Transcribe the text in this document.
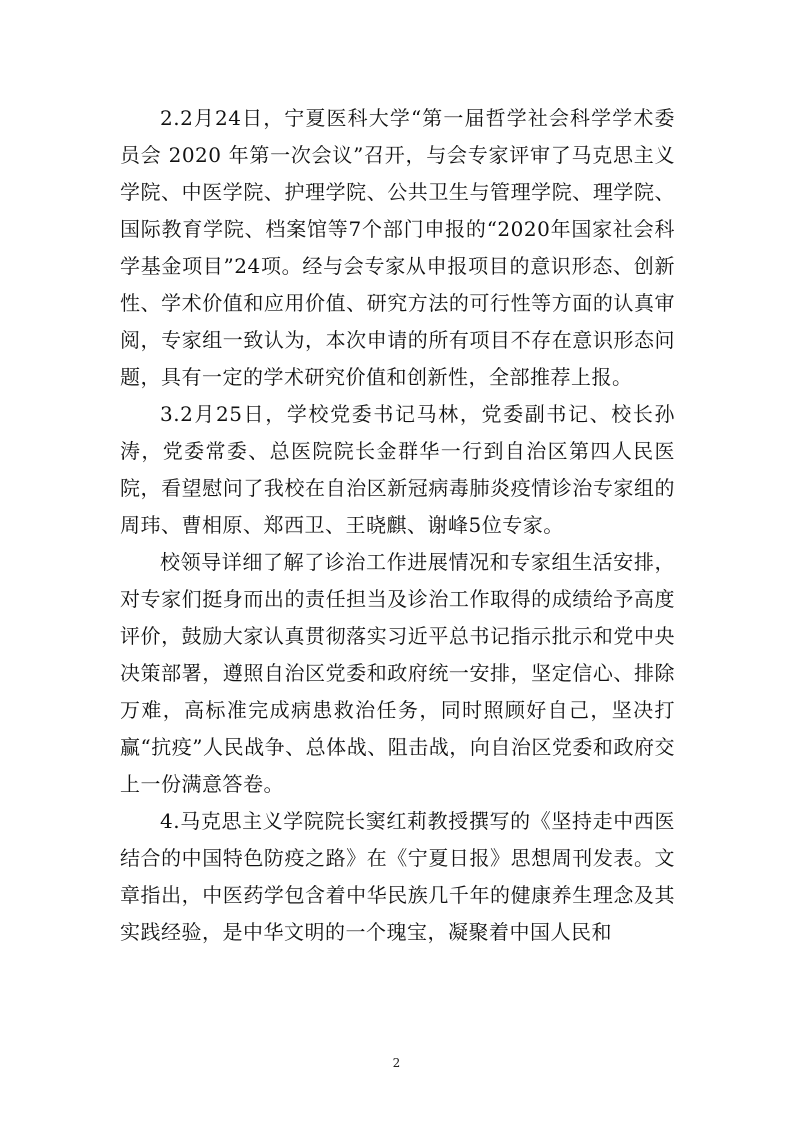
2.2月24日，宁夏医科大学“第一届哲学社会科学学术委员会 2020 年第一次会议”召开，与会专家评审了马克思主义学院、中医学院、护理学院、公共卫生与管理学院、理学院、国际教育学院、档案馆等7个部门申报的“2020年国家社会科学基金项目”24项。经与会专家从申报项目的意识形态、创新性、学术价值和应用价值、研究方法的可行性等方面的认真审阅，专家组一致认为，本次申请的所有项目不存在意识形态问题，具有一定的学术研究价值和创新性，全部推荐上报。

3.2月25日，学校党委书记马林，党委副书记、校长孙涛，党委常委、总医院院长金群华一行到自治区第四人民医院，看望慰问了我校在自治区新冠病毒肺炎疫情诊治专家组的周玮、曹相原、郑西卫、王晓麒、谢峰5位专家。

校领导详细了解了诊治工作进展情况和专家组生活安排，对专家们挺身而出的责任担当及诊治工作取得的成绩给予高度评价，鼓励大家认真贯彻落实习近平总书记指示批示和党中央决策部署，遵照自治区党委和政府统一安排，坚定信心、排除万难，高标准完成病患救治任务，同时照顾好自己，坚决打赢“抗疫”人民战争、总体战、阻击战，向自治区党委和政府交上一份满意答卷。

4.马克思主义学院院长窦红莉教授撰写的《坚持走中西医结合的中国特色防疫之路》在《宁夏日报》思想周刊发表。文章指出，中医药学包含着中华民族几千年的健康养生理念及其实践经验，是中华文明的一个瑰宝，凝聚着中国人民和

2
